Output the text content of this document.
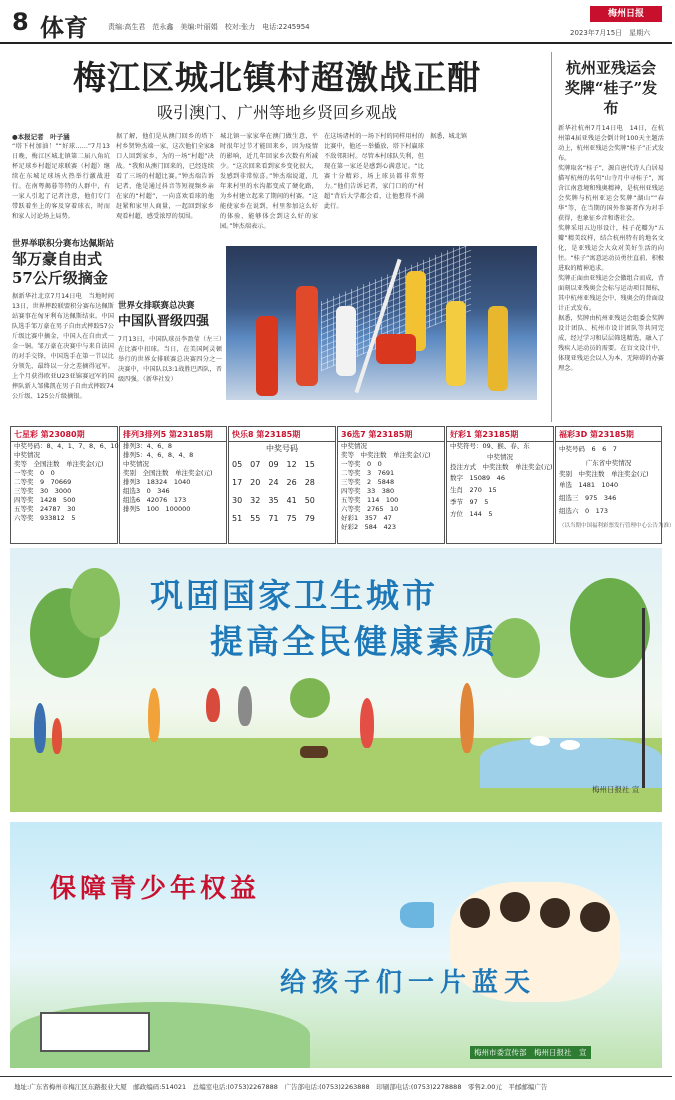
8 体育	责编:高生君　范永鑫　美编:叶丽娟　校对:张力　电话:2245954
梅州日报
2023年7月15日　星期六
梅江区城北镇村超激战正酣
吸引澳门、广州等地乡贤回乡观战
●本报记者　叶子涵
“塔下村加油！”“好球……”7月13日晚，梅江区城北镇第二届八角坑杯足球乡村超足球联赛（村超）继续在东城足球场火热举行激战进行。在南粤揭暮等特的人群中，有一家人引起了记者注意，他们专门带跃着坐上的客及穿着球衣，时而和家人讨论场上局势。
据了解，他们是从澳门回乡的塔下村乡贤钟杰端一家，这次他们全家8口人回到家乡，为的一场“村超”决战。“我和从澳门回来的，已经连续看了三场的村超比赛。”钟杰端告诉记者，他是通过抖音等短视频乡亲在家的“村超”，一向喜欢看球的他赶紧和家里人商量，一起回到家乡观看村超，感受浓厚的氛围。
城北镇一家家华在澳门做生意，平时很年过节才能回来乡，因为疫情的影响，近几年回家乡次数有所减少。“这次回来看到家乡变化很大，发感到非常惊喜。”钟杰端说道，几年来村里的水沟都变成了硬化路，为乡村建立起来了期间的村赛。“这能使家乡在说到，村里参加这么好的体验，能够体会到这么好的家园。”钟杰端表示。
在这场诸村的一场下村的同样用村的比赛中，他还一举播放，塔下村赢球不敌邻阳村。尽管本村球队失利，但现在第一家还是感到心满意足。“比赛十分精彩，场上球员都非常努力。”他们告诉记者，家门口的的“村超”背后大学都会看，让他想得不满此行。
据悉，城北镇
世界举联积分赛布达佩斯站
邹万豪自由式
57公斤级摘金
据新华社北京7月14日电　当地时间13日，世界摔跤联盟积分赛布达佩斯站赛事在匈牙利布达佩斯结束。中国队选手邹万豪在男子自由式摔跤57公斤级比赛中摘金，中国人在自由式一金一铜。邹万豪在决赛中与来自法国的对手交锋，中国选手在第一节以比分领先，最终以一分之差摘得冠军。上个月获得欧亚U23亚锦赛冠军的国摔队新人邹佛凯在男子自由式摔跤74公斤级、125公斤级摘银。
世界女排联赛总决赛
中国队晋级四强
7月13日，中国队球员李盈莹（左三）在比赛中扣球。当日，在美国阿灵顿举行的世界女排联赛总决赛四分之一决赛中，中国队以3:1战胜巴西队，晋级四强。（新华社发）
杭州亚残运会
奖牌“桂子”发布
新华社杭州7月14日电　14日，在杭州第4届亚残运会倒计时100天主题活动上，杭州亚残运会奖牌“桂子”正式发布。
奖牌取名“桂子”，源自唐代诗人白居易描写杭州的名句“山寺月中寻桂子”，寓含江南意境和残奥精神，是杭州亚残运会奖牌与杭州亚运会奖牌“湖山”“春华”等，在当期的国外参赛者作为对手获得，也象征乡音和谐社会。
奖牌采用五边形设计，桂子花瓣为“五瓣”精美纹样，结合杭州特有的地名文化，是亚残运会大众对美好生活的向往。“桂子”寓意运动员勇往直前、积极进取的精神追求。
奖牌正面由亚残运会会徽组合而成，背面刻以亚残奥会会标与运动项目图标，其中杭州亚残运会中、残奥会的背面设计正式发布。
据悉，奖牌由杭州亚残运会组委会奖牌设计团队、杭州市设计团队等共同完成，经过学习和层层筛选精选，融入了残疾人运动员的需要。在盲文设计中，体现亚残运会以人为本、无障碍的办赛理念。
七星彩 第23080期
中奖号码：8、4、1、7、8、6、10
中奖情况
奖等　全国注数　单注奖金(元)
一等奖　0　0
二等奖　9　70669
三等奖　30　3000
四等奖　1428　500
五等奖　24787　30
六等奖　933812　5
排列3排列5 第23185期
排列3：4、6、8
排列5：4、6、8、4、8
中奖情况
奖别　全国注数　单注奖金(元)
排列3　18324　1040
组选3　0　346
组选6　42076　173
排列5　100　100000
快乐8 第23185期
中奖号码
05　07　09　12　15
17　20　24　26　28
30　32　35　41　50
51　55　71　75　79
36选7 第23185期
中奖情况
奖等　中奖注数　单注奖金(元)
一等奖　0　0
二等奖　3　7691
三等奖　2　5848
四等奖　33　380
五等奖　114　100
六等奖　2765　10
好彩1　357　47
好彩2　584　423
好彩1 第23185期
中奖符号：09、猴、春、东
中奖情况
投注方式　中奖注数　单注奖金(元)
数字　15089　46
生肖　270　15
季节　97　5
方位　144　5
福彩3D 第23185期
中奖号码　6　6　7
广东省中奖情况
奖别　中奖注数　单注奖金(元)
单选　1481　1040
组选三　975　346
组选六　0　173
（以当期中国福利彩票发行管理中心公告为准）
巩固国家卫生城市
提高全民健康素质
梅州日报社 宣
保障青少年权益
给孩子们一片蓝天
梅州市委宣传部　梅州日报社　宣
地址:广东省梅州市梅江区东路报业大厦　邮政编码:514021　总编室电话:(0753)2267888　广告部电话:(0753)2263888　印刷部电话:(0753)2278888　零售2.00元　平邮邮编广告
